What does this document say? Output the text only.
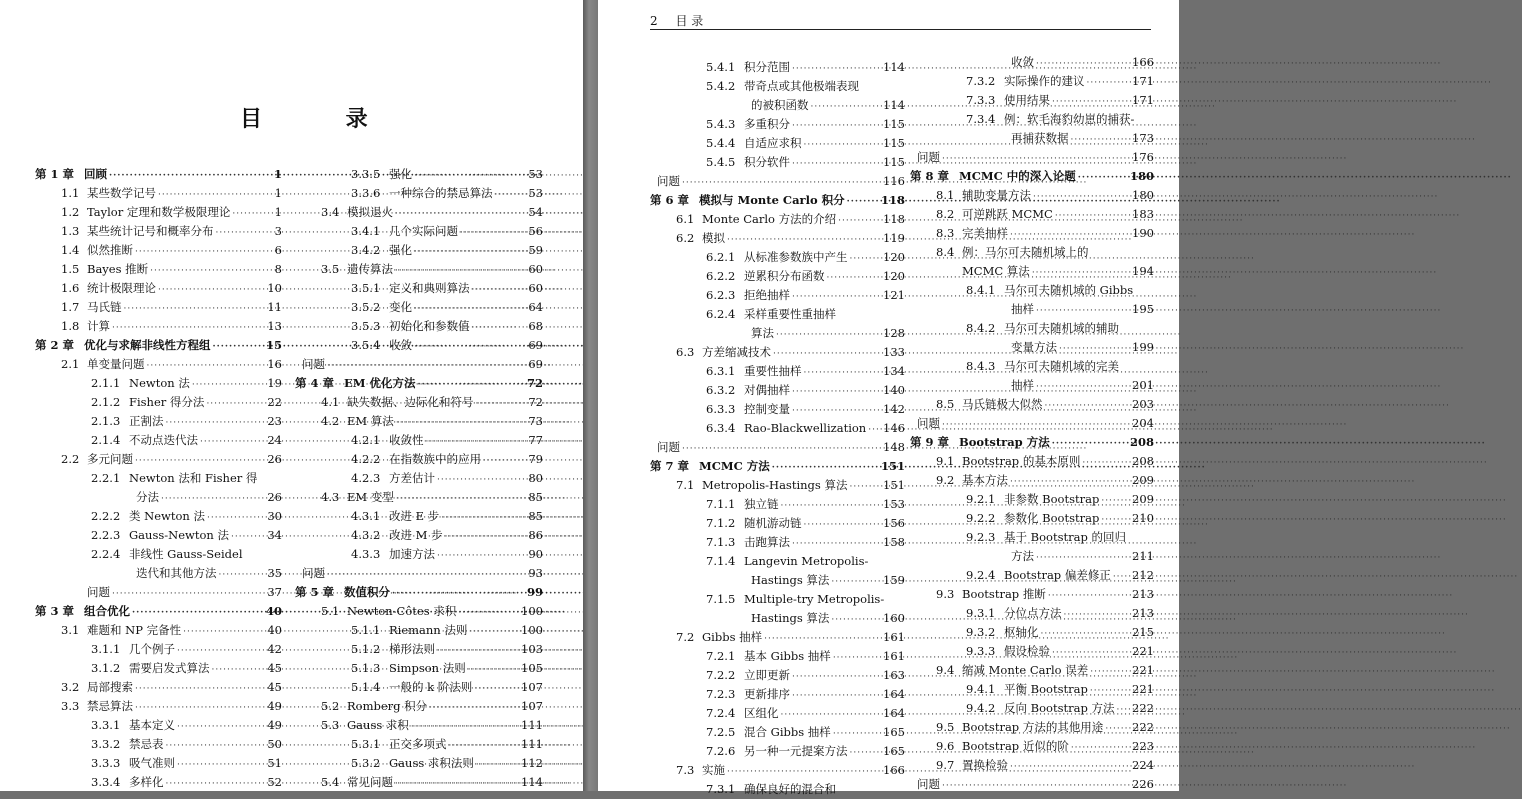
目 录
第 1 章 回顾 ·····	1
1.1 某些数学记号 ·····	1
1.2 Taylor 定理和数学极限理论 ·····	1
1.3 某些统计记号和概率分布 ·····	3
1.4 似然推断 ·····	6
1.5 Bayes 推断 ·····	8
1.6 统计极限理论 ·····	10
1.7 马氏链 ·····	11
1.8 计算 ·····	13
第 2 章 优化与求解非线性方程组 ·····	15
2.1 单变量问题 ·····	16
2.1.1 Newton 法 ·····	19
2.1.2 Fisher 得分法 ·····	22
2.1.3 正割法 ·····	23
2.1.4 不动点迭代法 ·····	24
2.2 多元问题 ·····	26
2.2.1 Newton 法和 Fisher 得
分法 ·····	26
2.2.2 类 Newton 法 ·····	30
2.2.3 Gauss-Newton 法 ·····	34
2.2.4 非线性 Gauss-Seidel
迭代和其他方法 ·····	35
问题 ·····	37
第 3 章 组合优化 ·····	40
3.1 难题和 NP 完备性 ·····	40
3.1.1 几个例子 ·····	42
3.1.2 需要启发式算法 ·····	45
3.2 局部搜索 ·····	45
3.3 禁忌算法 ·····	49
3.3.1 基本定义 ·····	49
3.3.2 禁忌表 ·····	50
3.3.3 吸气准则 ·····	51
3.3.4 多样化 ·····	52
3.3.5 强化 ·····	53
3.3.6 一种综合的禁忌算法 ·····	53
3.4 模拟退火 ·····	54
3.4.1 几个实际问题 ·····	56
3.4.2 强化 ·····	59
3.5 遗传算法 ·····	60
3.5.1 定义和典则算法 ·····	60
3.5.2 变化 ·····	64
3.5.3 初始化和参数值 ·····	68
3.5.4 收敛 ·····	69
问题 ·····	69
第 4 章 EM 优化方法 ·····	72
4.1 缺失数据、边际化和符号 ·····	72
4.2 EM 算法 ·····	73
4.2.1 收敛性 ·····	77
4.2.2 在指数族中的应用 ·····	79
4.2.3 方差估计 ·····	80
4.3 EM 变型 ·····	85
4.3.1 改进 E 步 ·····	85
4.3.2 改进 M 步 ·····	86
4.3.3 加速方法 ·····	90
问题 ·····	93
第 5 章 数值积分 ·····	99
5.1 Newton-Côtes 求积 ·····	100
5.1.1 Riemann 法则 ·····	100
5.1.2 梯形法则 ·····	103
5.1.3 Simpson 法则 ·····	105
5.1.4 一般的 k 阶法则 ·····	107
5.2 Romberg 积分 ·····	107
5.3 Gauss 求积 ·····	111
5.3.1 正交多项式 ·····	111
5.3.2 Gauss 求积法则 ·····	112
5.4 常见问题 ·····	114
2 目 录
5.4.1 积分范围 ·····	114
5.4.2 带奇点或其他极端表现
的被积函数 ·····	114
5.4.3 多重积分 ·····	115
5.4.4 自适应求积 ·····	115
5.4.5 积分软件 ·····	115
问题 ·····	116
第 6 章 模拟与 Monte Carlo 积分 ·····	118
6.1 Monte Carlo 方法的介绍 ·····	118
6.2 模拟 ·····	119
6.2.1 从标准参数族中产生 ·····	120
6.2.2 逆累积分布函数 ·····	120
6.2.3 拒绝抽样 ·····	121
6.2.4 采样重要性重抽样
算法 ·····	128
6.3 方差缩减技术 ·····	133
6.3.1 重要性抽样 ·····	134
6.3.2 对偶抽样 ·····	140
6.3.3 控制变量 ·····	142
6.3.4 Rao-Blackwellization ····· 146
问题 ·····	148
第 7 章 MCMC 方法 ·····	151
7.1 Metropolis-Hastings 算法 ·····	151
7.1.1 独立链 ·····	153
7.1.2 随机游动链 ·····	156
7.1.3 击跑算法 ·····	158
7.1.4 Langevin Metropolis-
Hastings 算法 ·····	159
7.1.5 Multiple-try Metropolis-
Hastings 算法 ·····	160
7.2 Gibbs 抽样 ·····	161
7.2.1 基本 Gibbs 抽样 ·····	161
7.2.2 立即更新 ·····	163
7.2.3 更新排序 ·····	164
7.2.4 区组化 ·····	164
7.2.5 混合 Gibbs 抽样 ·····	165
7.2.6 另一种一元提案方法 ·····	165
7.3 实施 ·····	166
7.3.1 确保良好的混合和
收敛 ·····	166
7.3.2 实际操作的建议 ·····	171
7.3.3 使用结果 ·····	171
7.3.4 例：软毛海豹幼崽的捕获-
再捕获数据 ·····	173
问题 ·····	176
第 8 章 MCMC 中的深入论题 ·····	180
8.1 辅助变量方法 ·····	180
8.2 可逆跳跃 MCMC ·····	183
8.3 完美抽样 ·····	190
8.4 例：马尔可夫随机域上的
MCMC 算法 ·····	194
8.4.1 马尔可夫随机域的 Gibbs
抽样 ·····	195
8.4.2 马尔可夫随机域的辅助
变量方法 ·····	199
8.4.3 马尔可夫随机域的完美
抽样 ·····	201
8.5 马氏链极大似然 ·····	203
问题 ·····	204
第 9 章 Bootstrap 方法 ·····	208
9.1 Bootstrap 的基本原则 ·····	208
9.2 基本方法 ·····	209
9.2.1 非参数 Bootstrap ·····	209
9.2.2 参数化 Bootstrap ·····	210
9.2.3 基于 Bootstrap 的回归
方法 ·····	211
9.2.4 Bootstrap 偏差修正 ····· 212
9.3 Bootstrap 推断 ·····	213
9.3.1 分位点方法 ·····	213
9.3.2 枢轴化 ·····	215
9.3.3 假设检验 ·····	221
9.4 缩减 Monte Carlo 误差 ·····	221
9.4.1 平衡 Bootstrap ·····	221
9.4.2 反向 Bootstrap 方法 ····· 222
9.5 Bootstrap 方法的其他用途 ····· 222
9.6 Bootstrap 近似的阶 ·····	223
9.7 置换检验 ·····	224
问题 ·····	226
